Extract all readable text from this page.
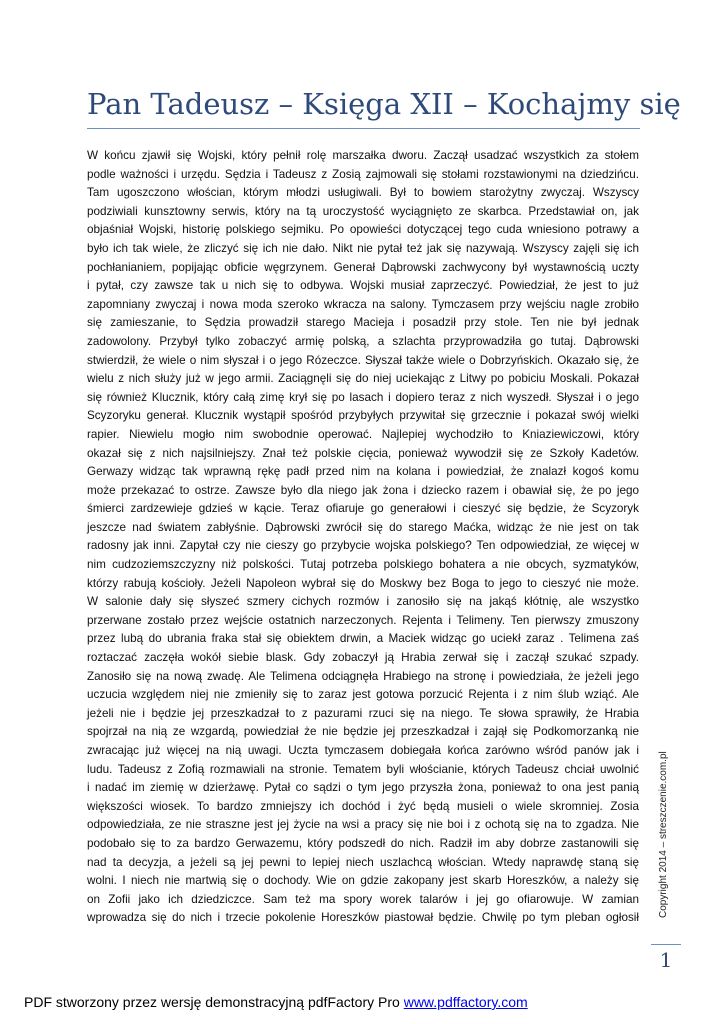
Pan Tadeusz – Księga XII – Kochajmy się
W końcu zjawił się Wojski, który pełnił rolę marszałka dworu. Zaczął usadzać wszystkich za stołem
podle ważności i urzędu. Sędzia i Tadeusz z Zosią zajmowali się stołami rozstawionymi na dziedzińcu.
Tam ugoszczono włościan, którym młodzi usługiwali. Był to bowiem starożytny zwyczaj. Wszyscy
podziwiali kunsztowny serwis, który na tą uroczystość wyciągnięto ze skarbca. Przedstawiał on, jak
objaśniał Wojski, historię polskiego sejmiku. Po opowieści dotyczącej tego cuda wniesiono potrawy a
było ich tak wiele, że zliczyć się ich nie dało. Nikt nie pytał też jak się nazywają. Wszyscy zajęli się ich
pochłanianiem, popijając obficie węgrzynem. Generał Dąbrowski zachwycony był wystawnością uczty
i pytał, czy zawsze tak u nich się to odbywa. Wojski musiał zaprzeczyć. Powiedział, że jest to już
zapomniany zwyczaj i nowa moda szeroko wkracza na salony. Tymczasem przy wejściu nagle zrobiło
się zamieszanie, to Sędzia prowadził starego Macieja i posadził przy stole. Ten nie był jednak
zadowolony. Przybył tylko zobaczyć armię polską, a szlachta przyprowadziła go tutaj. Dąbrowski
stwierdził, że wiele o nim słyszał i o jego Rózeczce. Słyszał także wiele o Dobrzyńskich. Okazało się, że
wielu z nich służy już w jego armii. Zaciągnęli się do niej uciekając z Litwy po pobiciu Moskali. Pokazał
się również Klucznik, który całą zimę krył się po lasach i dopiero teraz z nich wyszedł. Słyszał i o jego
Scyzoryku generał. Klucznik wystąpił spośród przybyłych przywitał się grzecznie i pokazał swój wielki
rapier. Niewielu mogło nim swobodnie operować. Najlepiej wychodziło to Kniaziewiczowi, który
okazał się z nich najsilniejszy. Znał też polskie cięcia, ponieważ wywodził się ze Szkoły Kadetów.
Gerwazy widząc tak wprawną rękę padł przed nim na kolana i powiedział, że znalazł kogoś komu
może przekazać to ostrze. Zawsze było dla niego jak żona i dziecko razem i obawiał się, że po jego
śmierci zardzewieje gdzieś w kącie. Teraz ofiaruje go generałowi i cieszyć się będzie, że Scyzoryk
jeszcze nad światem zabłyśnie. Dąbrowski zwrócił się do starego Maćka, widząc że nie jest on tak
radosny jak inni. Zapytał czy nie cieszy go przybycie wojska polskiego? Ten odpowiedział, ze więcej w
nim cudzoziemszczyzny niż polskości. Tutaj potrzeba polskiego bohatera a nie obcych, syzmatyków,
którzy rabują kościoły. Jeżeli Napoleon wybrał się do Moskwy bez Boga to jego to cieszyć nie może.
W salonie dały się słyszeć szmery cichych rozmów i zanosiło się na jakąś kłótnię, ale wszystko
przerwane zostało przez wejście ostatnich narzeczonych. Rejenta i Telimeny. Ten pierwszy zmuszony
przez lubą do ubrania fraka stał się obiektem drwin, a Maciek widząc go uciekł zaraz . Telimena zaś
roztaczać zaczęła wokół siebie blask. Gdy zobaczył ją Hrabia zerwał się i zaczął szukać szpady.
Zanosiło się na nową zwadę. Ale Telimena odciągnęła Hrabiego na stronę i powiedziała, że jeżeli jego
uczucia względem niej nie zmieniły się to zaraz jest gotowa porzucić Rejenta i z nim ślub wziąć. Ale
jeżeli nie i będzie jej przeszkadzał to z pazurami rzuci się na niego. Te słowa sprawiły, że Hrabia
spojrzał na nią ze wzgardą, powiedział że nie będzie jej przeszkadzał i zajął się Podkomorzanką nie
zwracając już więcej na nią uwagi. Uczta tymczasem dobiegała końca zarówno wśród panów jak i
ludu. Tadeusz z Zofią rozmawiali na stronie. Tematem byli włościanie, których Tadeusz chciał uwolnić
i nadać im ziemię w dzierżawę. Pytał co sądzi o tym jego przyszła żona, ponieważ to ona jest panią
większości wiosek. To bardzo zmniejszy ich dochód i żyć będą musieli o wiele skromniej. Zosia
odpowiedziała, ze nie straszne jest jej życie na wsi a pracy się nie boi i z ochotą się na to zgadza. Nie
podobało się to za bardzo Gerwazemu, który podszedł do nich. Radził im aby dobrze zastanowili się
nad ta decyzja, a jeżeli są jej pewni to lepiej niech uszlachcą włościan. Wtedy naprawdę staną się
wolni. I niech nie martwią się o dochody. Wie on gdzie zakopany jest skarb Horeszków, a należy się
on Zofii jako ich dziedziczce. Sam też ma spory worek talarów i jej go ofiarowuje. W zamian
wprowadza się do nich i trzecie pokolenie Horeszków piastował będzie. Chwilę po tym pleban ogłosił Copyright 2014 – streszczenie.com.pl
1
PDF stworzony przez wersję demonstracyjną pdfFactory Pro www.pdffactory.com
